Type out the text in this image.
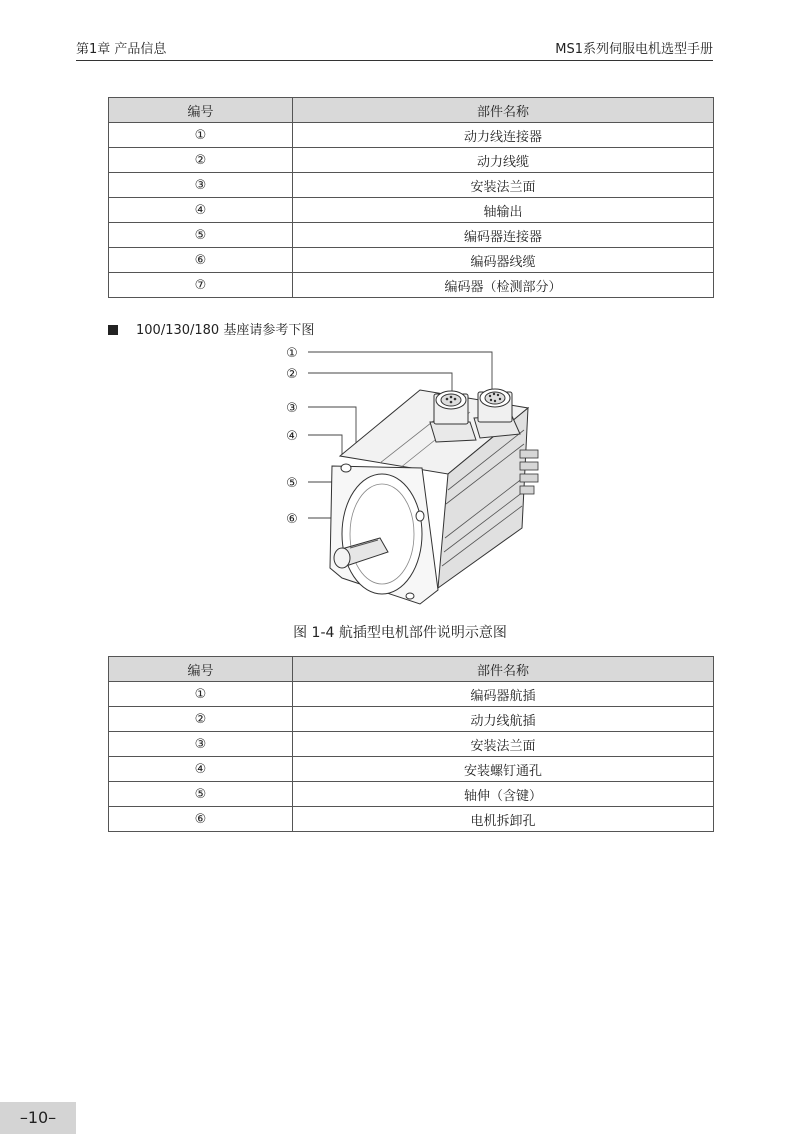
第1章 产品信息	MS1系列伺服电机选型手册
编号	部件名称
①	动力线连接器
②	动力线缆
③	安装法兰面
④	轴输出
⑤	编码器连接器
⑥	编码器线缆
⑦	编码器（检测部分）
100/130/180 基座请参考下图
①
②
③
④
⑤
⑥
图 1-4 航插型电机部件说明示意图
编号	部件名称
①	编码器航插
②	动力线航插
③	安装法兰面
④	安装螺钉通孔
⑤	轴伸（含键）
⑥	电机拆卸孔
–10–
